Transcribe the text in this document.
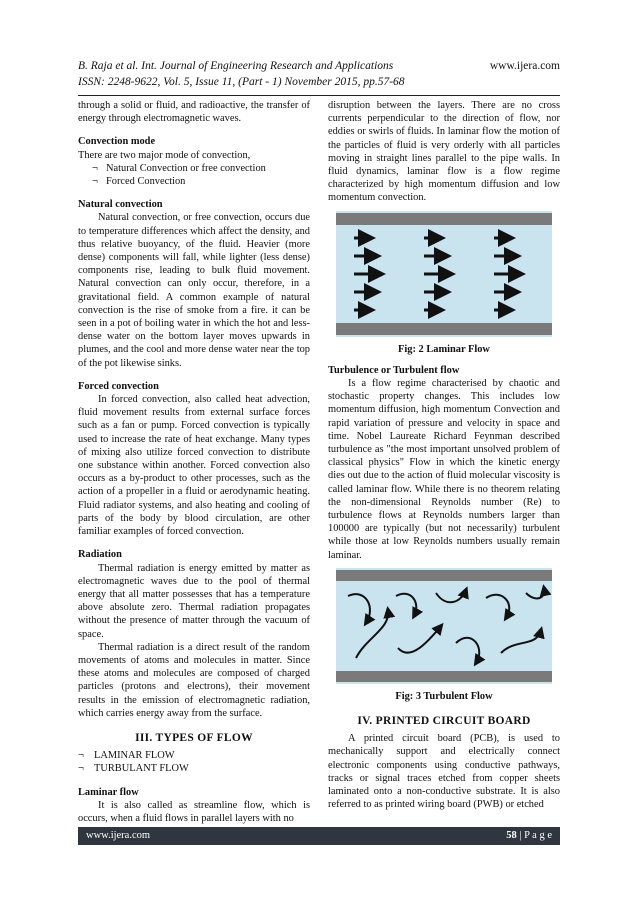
B. Raja et al. Int. Journal of Engineering Research and Applications
ISSN: 2248-9622, Vol. 5, Issue 11, (Part - 1) November 2015, pp.57-68
www.ijera.com

through a solid or fluid, and radioactive, the transfer of energy through electromagnetic waves.

Convection mode

There are two major mode of convection,

¬ Natural Convection or free convection

¬ Forced Convection

Natural convection

Natural convection, or free convection, occurs due to temperature differences which affect the density, and thus relative buoyancy, of the fluid. Heavier (more dense) components will fall, while lighter (less dense) components rise, leading to bulk fluid movement. Natural convection can only occur, therefore, in a gravitational field. A common example of natural convection is the rise of smoke from a fire. it can be seen in a pot of boiling water in which the hot and less-dense water on the bottom layer moves upwards in plumes, and the cool and more dense water near the top of the pot likewise sinks.

Forced convection

In forced convection, also called heat advection, fluid movement results from external surface forces such as a fan or pump. Forced convection is typically used to increase the rate of heat exchange. Many types of mixing also utilize forced convection to distribute one substance within another. Forced convection also occurs as a by-product to other processes, such as the action of a propeller in a fluid or aerodynamic heating. Fluid radiator systems, and also heating and cooling of parts of the body by blood circulation, are other familiar examples of forced convection.

Radiation

Thermal radiation is energy emitted by matter as electromagnetic waves due to the pool of thermal energy that all matter possesses that has a temperature above absolute zero. Thermal radiation propagates without the presence of matter through the vacuum of space.

Thermal radiation is a direct result of the random movements of atoms and molecules in matter. Since these atoms and molecules are composed of charged particles (protons and electrons), their movement results in the emission of electromagnetic radiation, which carries energy away from the surface.

III. TYPES OF FLOW

¬ LAMINAR FLOW

¬ TURBULANT FLOW

Laminar flow

It is also called as streamline flow, which is occurs, when a fluid flows in parallel layers with no

disruption between the layers. There are no cross currents perpendicular to the direction of flow, nor eddies or swirls of fluids. In laminar flow the motion of the particles of fluid is very orderly with all particles moving in straight lines parallel to the pipe walls. In fluid dynamics, laminar flow is a flow regime characterized by high momentum diffusion and low momentum convection.

Fig: 2 Laminar Flow

Turbulence or Turbulent flow

Is a flow regime characterised by chaotic and stochastic property changes. This includes low momentum diffusion, high momentum Convection and rapid variation of pressure and velocity in space and time. Nobel Laureate Richard Feynman described turbulence as "the most important unsolved problem of classical physics" Flow in which the kinetic energy dies out due to the action of fluid molecular viscosity is called laminar flow. While there is no theorem relating the non-dimensional Reynolds number (Re) to turbulence flows at Reynolds numbers larger than 100000 are typically (but not necessarily) turbulent while those at low Reynolds numbers usually remain laminar.

Fig: 3 Turbulent Flow

IV. PRINTED CIRCUIT BOARD

A printed circuit board (PCB), is used to mechanically support and electrically connect electronic components using conductive pathways, tracks or signal traces etched from copper sheets laminated onto a non-conductive substrate. It is also referred to as printed wiring board (PWB) or etched

www.ijera.com	58 | P a g e
